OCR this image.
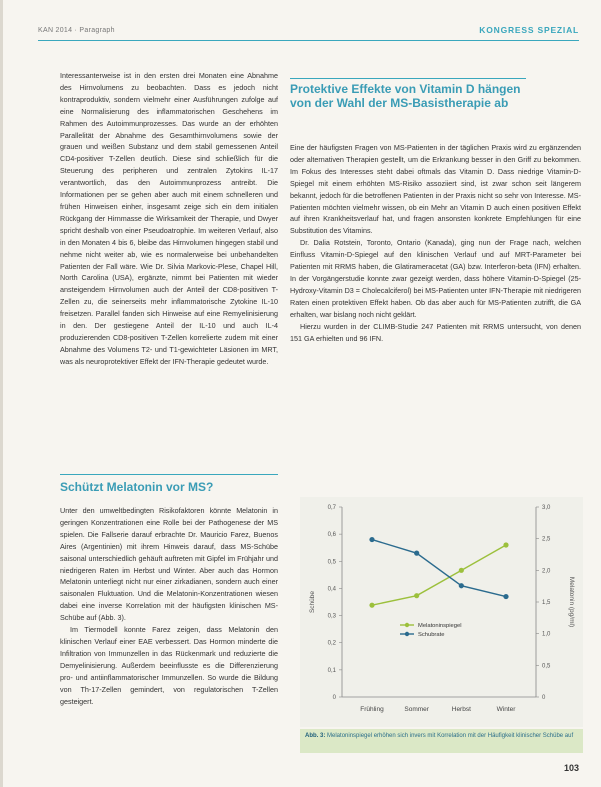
KAN 2014 · Paragraph	KONGRESS SPEZIAL

Interessanterweise ist in den ersten drei Monaten eine Abnahme des Hirnvolumens zu beobachten. Dass es jedoch nicht kontraproduktiv, sondern vielmehr einer Ausführungen zufolge auf eine Normalisierung des inflammatorischen Geschehens im Rahmen des Autoimmunprozesses. Das wurde an der erhöhten Parallelität der Abnahme des Gesamthirnvolumens sowie der grauen und weißen Substanz und dem stabil gemessenen Anteil CD4-positiver T-Zellen deutlich. Diese sind schließlich für die Steuerung des peripheren und zentralen Zytokins IL-17 verantwortlich, das den Autoimmunprozess antreibt. Die Informationen per se gehen aber auch mit einem schnelleren und frühen Hinweisen einher, insgesamt zeige sich ein dem initialen Rückgang der Hirnmasse die Wirksamkeit der Therapie, und Dwyer spricht deshalb von einer Pseudoatrophie. Im weiteren Verlauf, also in den Monaten 4 bis 6, bleibe das Hirnvolumen hingegen stabil und nehme nicht weiter ab, wie es normalerweise bei unbehandelten Patienten der Fall wäre. Wie Dr. Silvia Markovic-Plese, Chapel Hill, North Carolina (USA), ergänzte, nimmt bei Patienten mit wieder ansteigendem Hirnvolumen auch der Anteil der CD8-positiven T-Zellen zu, die seinerseits mehr inflammatorische Zytokine IL-10 freisetzen. Parallel fanden sich Hinweise auf eine Remyelinisierung in den. Der gestiegene Anteil der IL-10 und auch IL-4 produzierenden CD8-positiven T-Zellen korrelierte zudem mit einer Abnahme des Volumens T2- und T1-gewichteter Läsionen im MRT, was als neuroprotektiver Effekt der IFN-Therapie gedeutet wurde.

Schützt Melatonin vor MS?

Unter den umweltbedingten Risikofaktoren könnte Melatonin in geringen Konzentrationen eine Rolle bei der Pathogenese der MS spielen. Die Fallserie darauf erbrachte Dr. Mauricio Farez, Buenos Aires (Argentinien) mit ihrem Hinweis darauf, dass MS-Schübe saisonal unterschiedlich gehäuft auftreten mit Gipfel im Frühjahr und niedrigeren Raten im Herbst und Winter. Aber auch das Hormon Melatonin unterliegt nicht nur einer zirkadianen, sondern auch einer saisonalen Fluktuation. Und die Melatonin-Konzentrationen wiesen dabei eine inverse Korrelation mit der häufigsten klinischen MS-Schübe auf (Abb. 3).

Im Tiermodell konnte Farez zeigen, dass Melatonin den klinischen Verlauf einer EAE verbessert. Das Hormon minderte die Infiltration von Immunzellen in das Rückenmark und reduzierte die Demyelinisierung. Außerdem beeinflusste es die Differenzierung pro- und antiinflammatorischer Immunzellen. So wurde die Bildung von Th-17-Zellen gemindert, von regulatorischen T-Zellen gesteigert.

Protektive Effekte von Vitamin D hängen von der Wahl der MS-Basistherapie ab

Eine der häufigsten Fragen von MS-Patienten in der täglichen Praxis wird zu ergänzenden oder alternativen Therapien gestellt, um die Erkrankung besser in den Griff zu bekommen. Im Fokus des Interesses steht dabei oftmals das Vitamin D. Dass niedrige Vitamin-D-Spiegel mit einem erhöhten MS-Risiko assoziiert sind, ist zwar schon seit längerem bekannt, jedoch für die betroffenen Patienten in der Praxis nicht so sehr von Interesse. MS-Patienten möchten vielmehr wissen, ob ein Mehr an Vitamin D auch einen positiven Effekt auf ihren Krankheitsverlauf hat, und fragen ansonsten konkrete Empfehlungen für eine Substitution des Vitamins.

Dr. Dalia Rotstein, Toronto, Ontario (Kanada), ging nun der Frage nach, welchen Einfluss Vitamin-D-Spiegel auf den klinischen Verlauf und auf MRT-Parameter bei Patienten mit RRMS haben, die Glatirameracetat (GA) bzw. Interferon-beta (IFN) erhalten. In der Vorgängerstudie konnte zwar gezeigt werden, dass höhere Vitamin-D-Spiegel (25-Hydroxy-Vitamin D3 = Cholecalciferol) bei MS-Patienten unter IFN-Therapie mit niedrigeren Raten einen protektiven Effekt haben. Ob das aber auch für MS-Patienten zutrifft, die GA erhalten, war bislang noch nicht geklärt.

Hierzu wurden in der CLIMB-Studie 247 Patienten mit RRMS untersucht, von denen 151 GA erhielten und 96 IFN.

0
0,1
0,2
0,3
0,4
0,5
0,6
0,7
0
0,5
1,0
1,5
2,0
2,5
3,0
Schübe	Melatonin (pg/ml)
Frühling	Sommer	Herbst	Winter
Melatoninspiegel
Schubrate
Abb. 3: Melatoninspiegel erhöhen sich invers mit Korrelation mit der Häufigkeit klinischer Schübe auf
103
